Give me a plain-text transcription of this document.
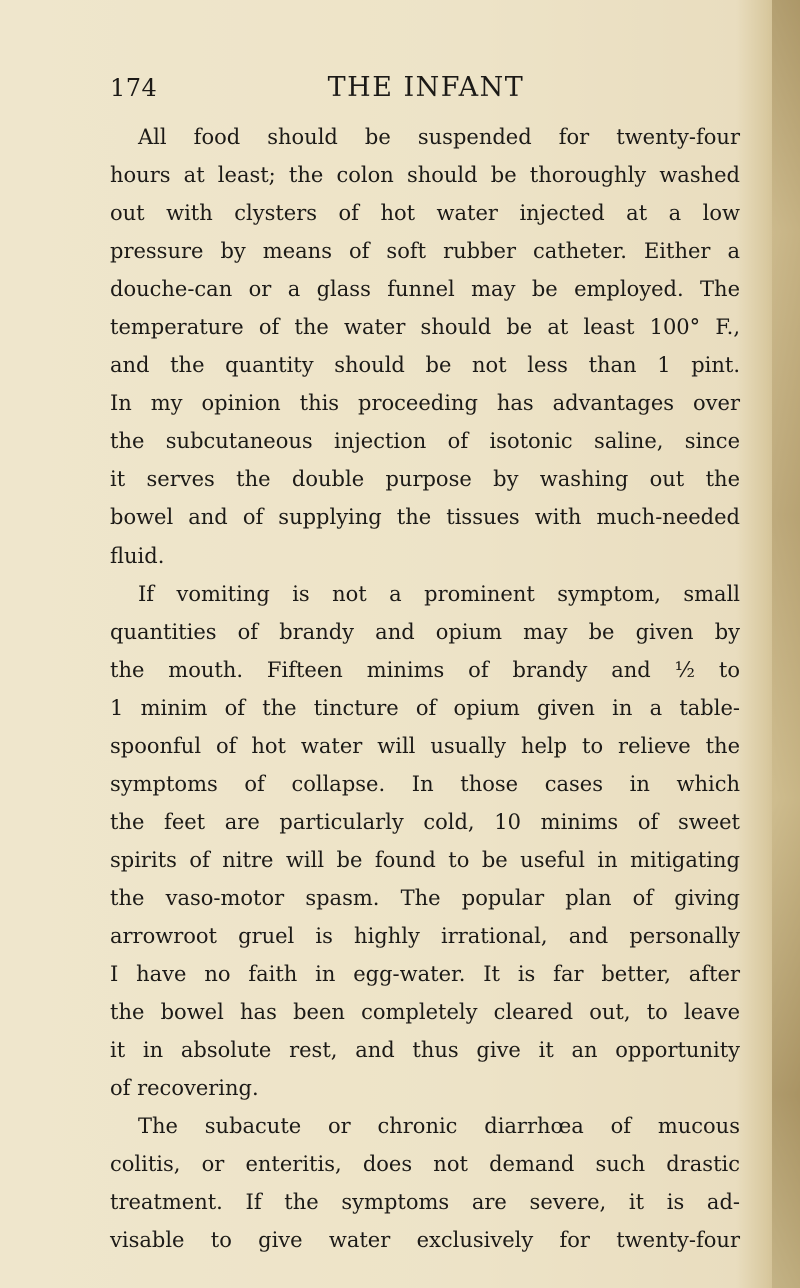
174	THE INFANT
All food should be suspended for twenty-four
hours at least; the colon should be thoroughly washed
out with clysters of hot water injected at a low
pressure by means of soft rubber catheter. Either a
douche-can or a glass funnel may be employed. The
temperature of the water should be at least 100° F.,
and the quantity should be not less than 1 pint.
In my opinion this proceeding has advantages over
the subcutaneous injection of isotonic saline, since
it serves the double purpose by washing out the
bowel and of supplying the tissues with much-needed
fluid.
If vomiting is not a prominent symptom, small
quantities of brandy and opium may be given by
the mouth. Fifteen minims of brandy and ½ to
1 minim of the tincture of opium given in a table-
spoonful of hot water will usually help to relieve the
symptoms of collapse. In those cases in which
the feet are particularly cold, 10 minims of sweet
spirits of nitre will be found to be useful in mitigating
the vaso-motor spasm. The popular plan of giving
arrowroot gruel is highly irrational, and personally
I have no faith in egg-water. It is far better, after
the bowel has been completely cleared out, to leave
it in absolute rest, and thus give it an opportunity
of recovering.
The subacute or chronic diarrhœa of mucous
colitis, or enteritis, does not demand such drastic
treatment. If the symptoms are severe, it is ad-
visable to give water exclusively for twenty-four
